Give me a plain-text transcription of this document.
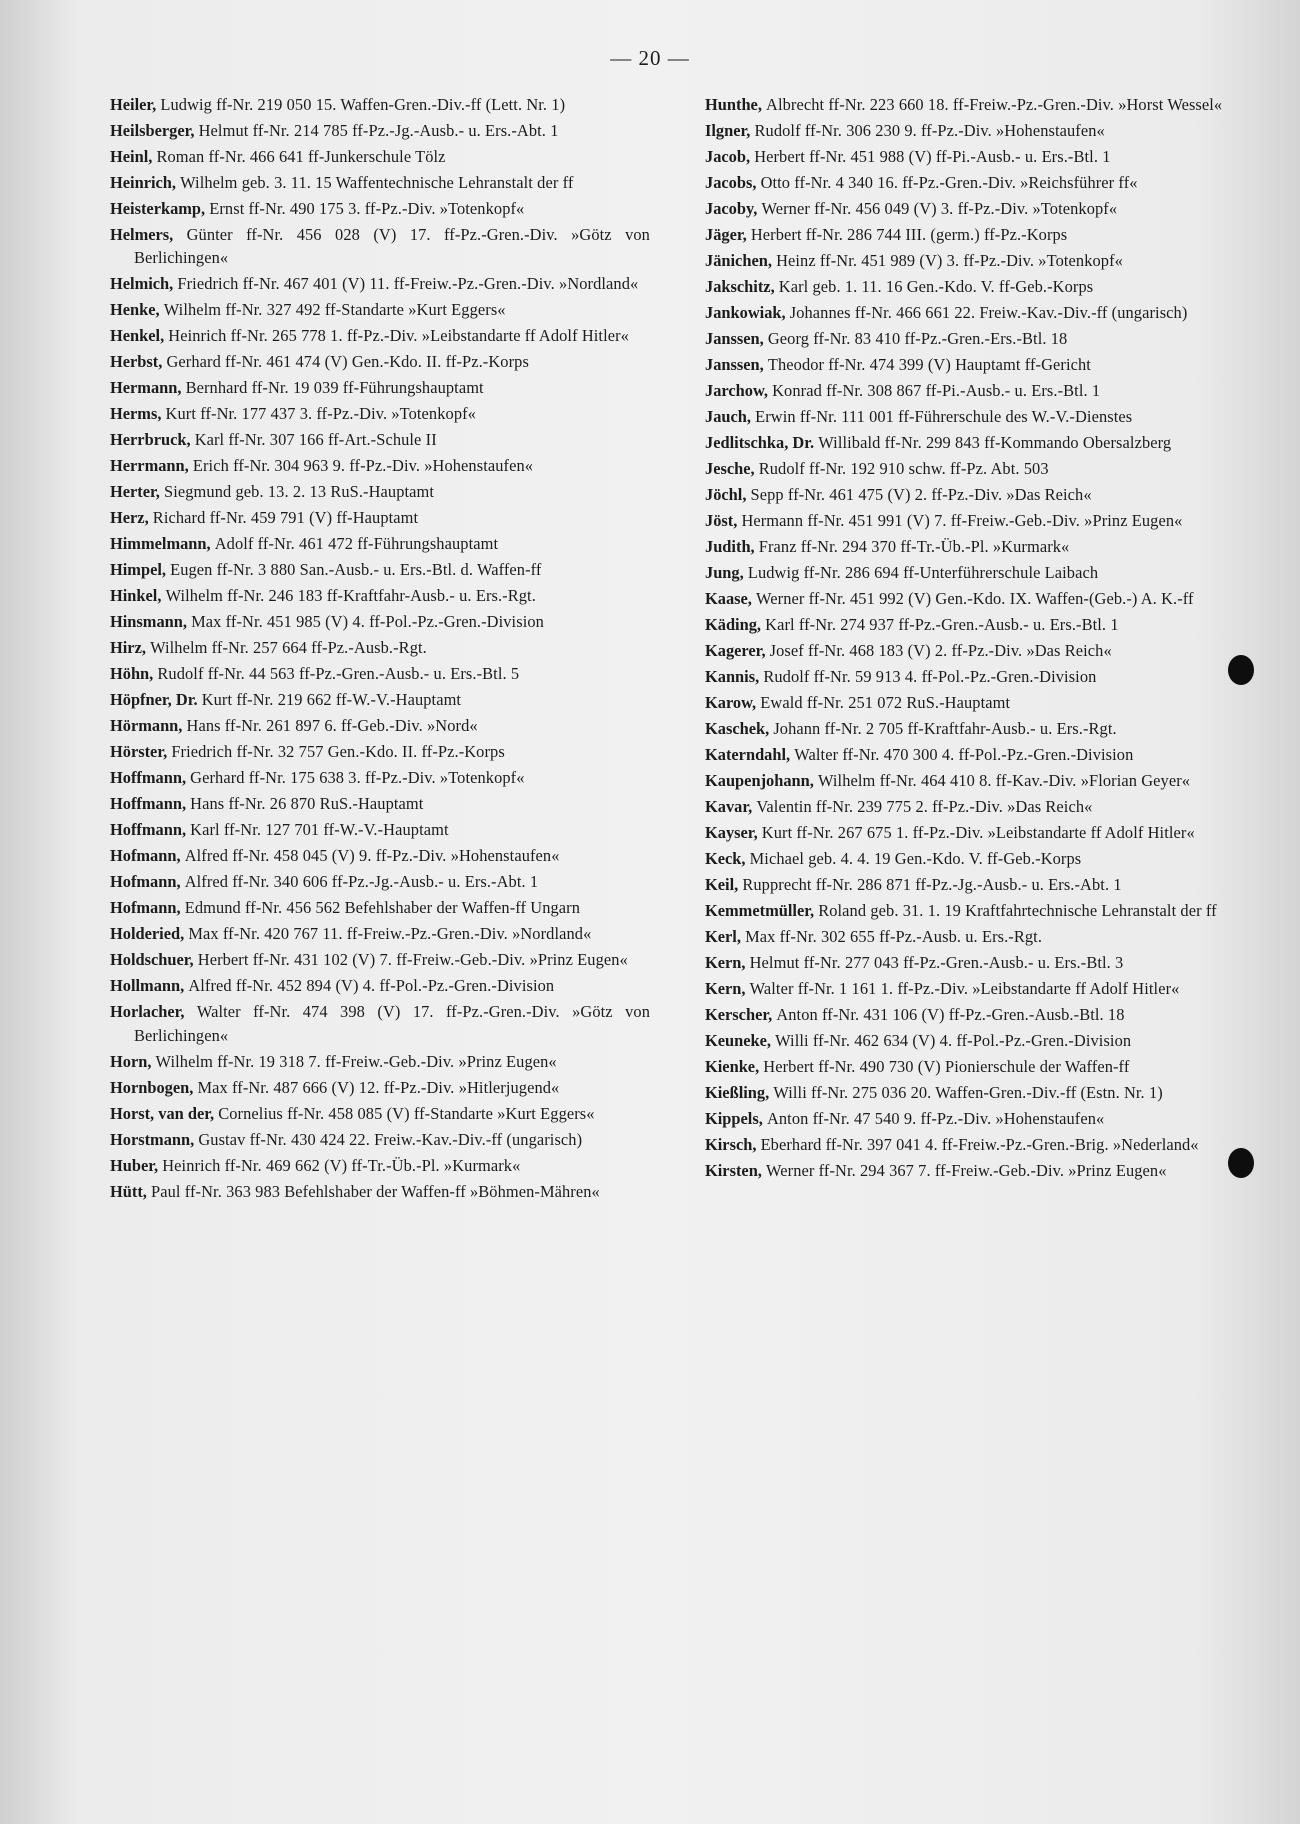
— 20 —

Heiler, Ludwig ff-Nr. 219 050 15. Waffen-Gren.-Div.-ff (Lett. Nr. 1)

Heilsberger, Helmut ff-Nr. 214 785 ff-Pz.-Jg.-Ausb.- u. Ers.-Abt. 1

Heinl, Roman ff-Nr. 466 641 ff-Junkerschule Tölz

Heinrich, Wilhelm geb. 3. 11. 15 Waffentechnische Lehranstalt der ff

Heisterkamp, Ernst ff-Nr. 490 175 3. ff-Pz.-Div. »Totenkopf«

Helmers, Günter ff-Nr. 456 028 (V) 17. ff-Pz.-Gren.-Div. »Götz von Berlichingen«

Helmich, Friedrich ff-Nr. 467 401 (V) 11. ff-Freiw.-Pz.-Gren.-Div. »Nordland«

Henke, Wilhelm ff-Nr. 327 492 ff-Standarte »Kurt Eggers«

Henkel, Heinrich ff-Nr. 265 778 1. ff-Pz.-Div. »Leibstandarte ff Adolf Hitler«

Herbst, Gerhard ff-Nr. 461 474 (V) Gen.-Kdo. II. ff-Pz.-Korps

Hermann, Bernhard ff-Nr. 19 039 ff-Führungshauptamt

Herms, Kurt ff-Nr. 177 437 3. ff-Pz.-Div. »Totenkopf«

Herrbruck, Karl ff-Nr. 307 166 ff-Art.-Schule II

Herrmann, Erich ff-Nr. 304 963 9. ff-Pz.-Div. »Hohenstaufen«

Herter, Siegmund geb. 13. 2. 13 RuS.-Hauptamt

Herz, Richard ff-Nr. 459 791 (V) ff-Hauptamt

Himmelmann, Adolf ff-Nr. 461 472 ff-Führungshauptamt

Himpel, Eugen ff-Nr. 3 880 San.-Ausb.- u. Ers.-Btl. d. Waffen-ff

Hinkel, Wilhelm ff-Nr. 246 183 ff-Kraftfahr-Ausb.- u. Ers.-Rgt.

Hinsmann, Max ff-Nr. 451 985 (V) 4. ff-Pol.-Pz.-Gren.-Division

Hirz, Wilhelm ff-Nr. 257 664 ff-Pz.-Ausb.-Rgt.

Höhn, Rudolf ff-Nr. 44 563 ff-Pz.-Gren.-Ausb.- u. Ers.-Btl. 5

Höpfner, Dr. Kurt ff-Nr. 219 662 ff-W.-V.-Hauptamt

Hörmann, Hans ff-Nr. 261 897 6. ff-Geb.-Div. »Nord«

Hörster, Friedrich ff-Nr. 32 757 Gen.-Kdo. II. ff-Pz.-Korps

Hoffmann, Gerhard ff-Nr. 175 638 3. ff-Pz.-Div. »Totenkopf«

Hoffmann, Hans ff-Nr. 26 870 RuS.-Hauptamt

Hoffmann, Karl ff-Nr. 127 701 ff-W.-V.-Hauptamt

Hofmann, Alfred ff-Nr. 458 045 (V) 9. ff-Pz.-Div. »Hohenstaufen«

Hofmann, Alfred ff-Nr. 340 606 ff-Pz.-Jg.-Ausb.- u. Ers.-Abt. 1

Hofmann, Edmund ff-Nr. 456 562 Befehlshaber der Waffen-ff Ungarn

Holderied, Max ff-Nr. 420 767 11. ff-Freiw.-Pz.-Gren.-Div. »Nordland«

Holdschuer, Herbert ff-Nr. 431 102 (V) 7. ff-Freiw.-Geb.-Div. »Prinz Eugen«

Hollmann, Alfred ff-Nr. 452 894 (V) 4. ff-Pol.-Pz.-Gren.-Division

Horlacher, Walter ff-Nr. 474 398 (V) 17. ff-Pz.-Gren.-Div. »Götz von Berlichingen«

Horn, Wilhelm ff-Nr. 19 318 7. ff-Freiw.-Geb.-Div. »Prinz Eugen«

Hornbogen, Max ff-Nr. 487 666 (V) 12. ff-Pz.-Div. »Hitlerjugend«

Horst, van der, Cornelius ff-Nr. 458 085 (V) ff-Standarte »Kurt Eggers«

Horstmann, Gustav ff-Nr. 430 424 22. Freiw.-Kav.-Div.-ff (ungarisch)

Huber, Heinrich ff-Nr. 469 662 (V) ff-Tr.-Üb.-Pl. »Kurmark«

Hütt, Paul ff-Nr. 363 983 Befehlshaber der Waffen-ff »Böhmen-Mähren«

Hunthe, Albrecht ff-Nr. 223 660 18. ff-Freiw.-Pz.-Gren.-Div. »Horst Wessel«

Ilgner, Rudolf ff-Nr. 306 230 9. ff-Pz.-Div. »Hohenstaufen«

Jacob, Herbert ff-Nr. 451 988 (V) ff-Pi.-Ausb.- u. Ers.-Btl. 1

Jacobs, Otto ff-Nr. 4 340 16. ff-Pz.-Gren.-Div. »Reichsführer ff«

Jacoby, Werner ff-Nr. 456 049 (V) 3. ff-Pz.-Div. »Totenkopf«

Jäger, Herbert ff-Nr. 286 744 III. (germ.) ff-Pz.-Korps

Jänichen, Heinz ff-Nr. 451 989 (V) 3. ff-Pz.-Div. »Totenkopf«

Jakschitz, Karl geb. 1. 11. 16 Gen.-Kdo. V. ff-Geb.-Korps

Jankowiak, Johannes ff-Nr. 466 661 22. Freiw.-Kav.-Div.-ff (ungarisch)

Janssen, Georg ff-Nr. 83 410 ff-Pz.-Gren.-Ers.-Btl. 18

Janssen, Theodor ff-Nr. 474 399 (V) Hauptamt ff-Gericht

Jarchow, Konrad ff-Nr. 308 867 ff-Pi.-Ausb.- u. Ers.-Btl. 1

Jauch, Erwin ff-Nr. 111 001 ff-Führerschule des W.-V.-Dienstes

Jedlitschka, Dr. Willibald ff-Nr. 299 843 ff-Kommando Obersalzberg

Jesche, Rudolf ff-Nr. 192 910 schw. ff-Pz. Abt. 503

Jöchl, Sepp ff-Nr. 461 475 (V) 2. ff-Pz.-Div. »Das Reich«

Jöst, Hermann ff-Nr. 451 991 (V) 7. ff-Freiw.-Geb.-Div. »Prinz Eugen«

Judith, Franz ff-Nr. 294 370 ff-Tr.-Üb.-Pl. »Kurmark«

Jung, Ludwig ff-Nr. 286 694 ff-Unterführerschule Laibach

Kaase, Werner ff-Nr. 451 992 (V) Gen.-Kdo. IX. Waffen-(Geb.-) A. K.-ff

Käding, Karl ff-Nr. 274 937 ff-Pz.-Gren.-Ausb.- u. Ers.-Btl. 1

Kagerer, Josef ff-Nr. 468 183 (V) 2. ff-Pz.-Div. »Das Reich«

Kannis, Rudolf ff-Nr. 59 913 4. ff-Pol.-Pz.-Gren.-Division

Karow, Ewald ff-Nr. 251 072 RuS.-Hauptamt

Kaschek, Johann ff-Nr. 2 705 ff-Kraftfahr-Ausb.- u. Ers.-Rgt.

Katerndahl, Walter ff-Nr. 470 300 4. ff-Pol.-Pz.-Gren.-Division

Kaupenjohann, Wilhelm ff-Nr. 464 410 8. ff-Kav.-Div. »Florian Geyer«

Kavar, Valentin ff-Nr. 239 775 2. ff-Pz.-Div. »Das Reich«

Kayser, Kurt ff-Nr. 267 675 1. ff-Pz.-Div. »Leibstandarte ff Adolf Hitler«

Keck, Michael geb. 4. 4. 19 Gen.-Kdo. V. ff-Geb.-Korps

Keil, Rupprecht ff-Nr. 286 871 ff-Pz.-Jg.-Ausb.- u. Ers.-Abt. 1

Kemmetmüller, Roland geb. 31. 1. 19 Kraftfahrtechnische Lehranstalt der ff

Kerl, Max ff-Nr. 302 655 ff-Pz.-Ausb. u. Ers.-Rgt.

Kern, Helmut ff-Nr. 277 043 ff-Pz.-Gren.-Ausb.- u. Ers.-Btl. 3

Kern, Walter ff-Nr. 1 161 1. ff-Pz.-Div. »Leibstandarte ff Adolf Hitler«

Kerscher, Anton ff-Nr. 431 106 (V) ff-Pz.-Gren.-Ausb.-Btl. 18

Keuneke, Willi ff-Nr. 462 634 (V) 4. ff-Pol.-Pz.-Gren.-Division

Kienke, Herbert ff-Nr. 490 730 (V) Pionierschule der Waffen-ff

Kießling, Willi ff-Nr. 275 036 20. Waffen-Gren.-Div.-ff (Estn. Nr. 1)

Kippels, Anton ff-Nr. 47 540 9. ff-Pz.-Div. »Hohenstaufen«

Kirsch, Eberhard ff-Nr. 397 041 4. ff-Freiw.-Pz.-Gren.-Brig. »Nederland«

Kirsten, Werner ff-Nr. 294 367 7. ff-Freiw.-Geb.-Div. »Prinz Eugen«
